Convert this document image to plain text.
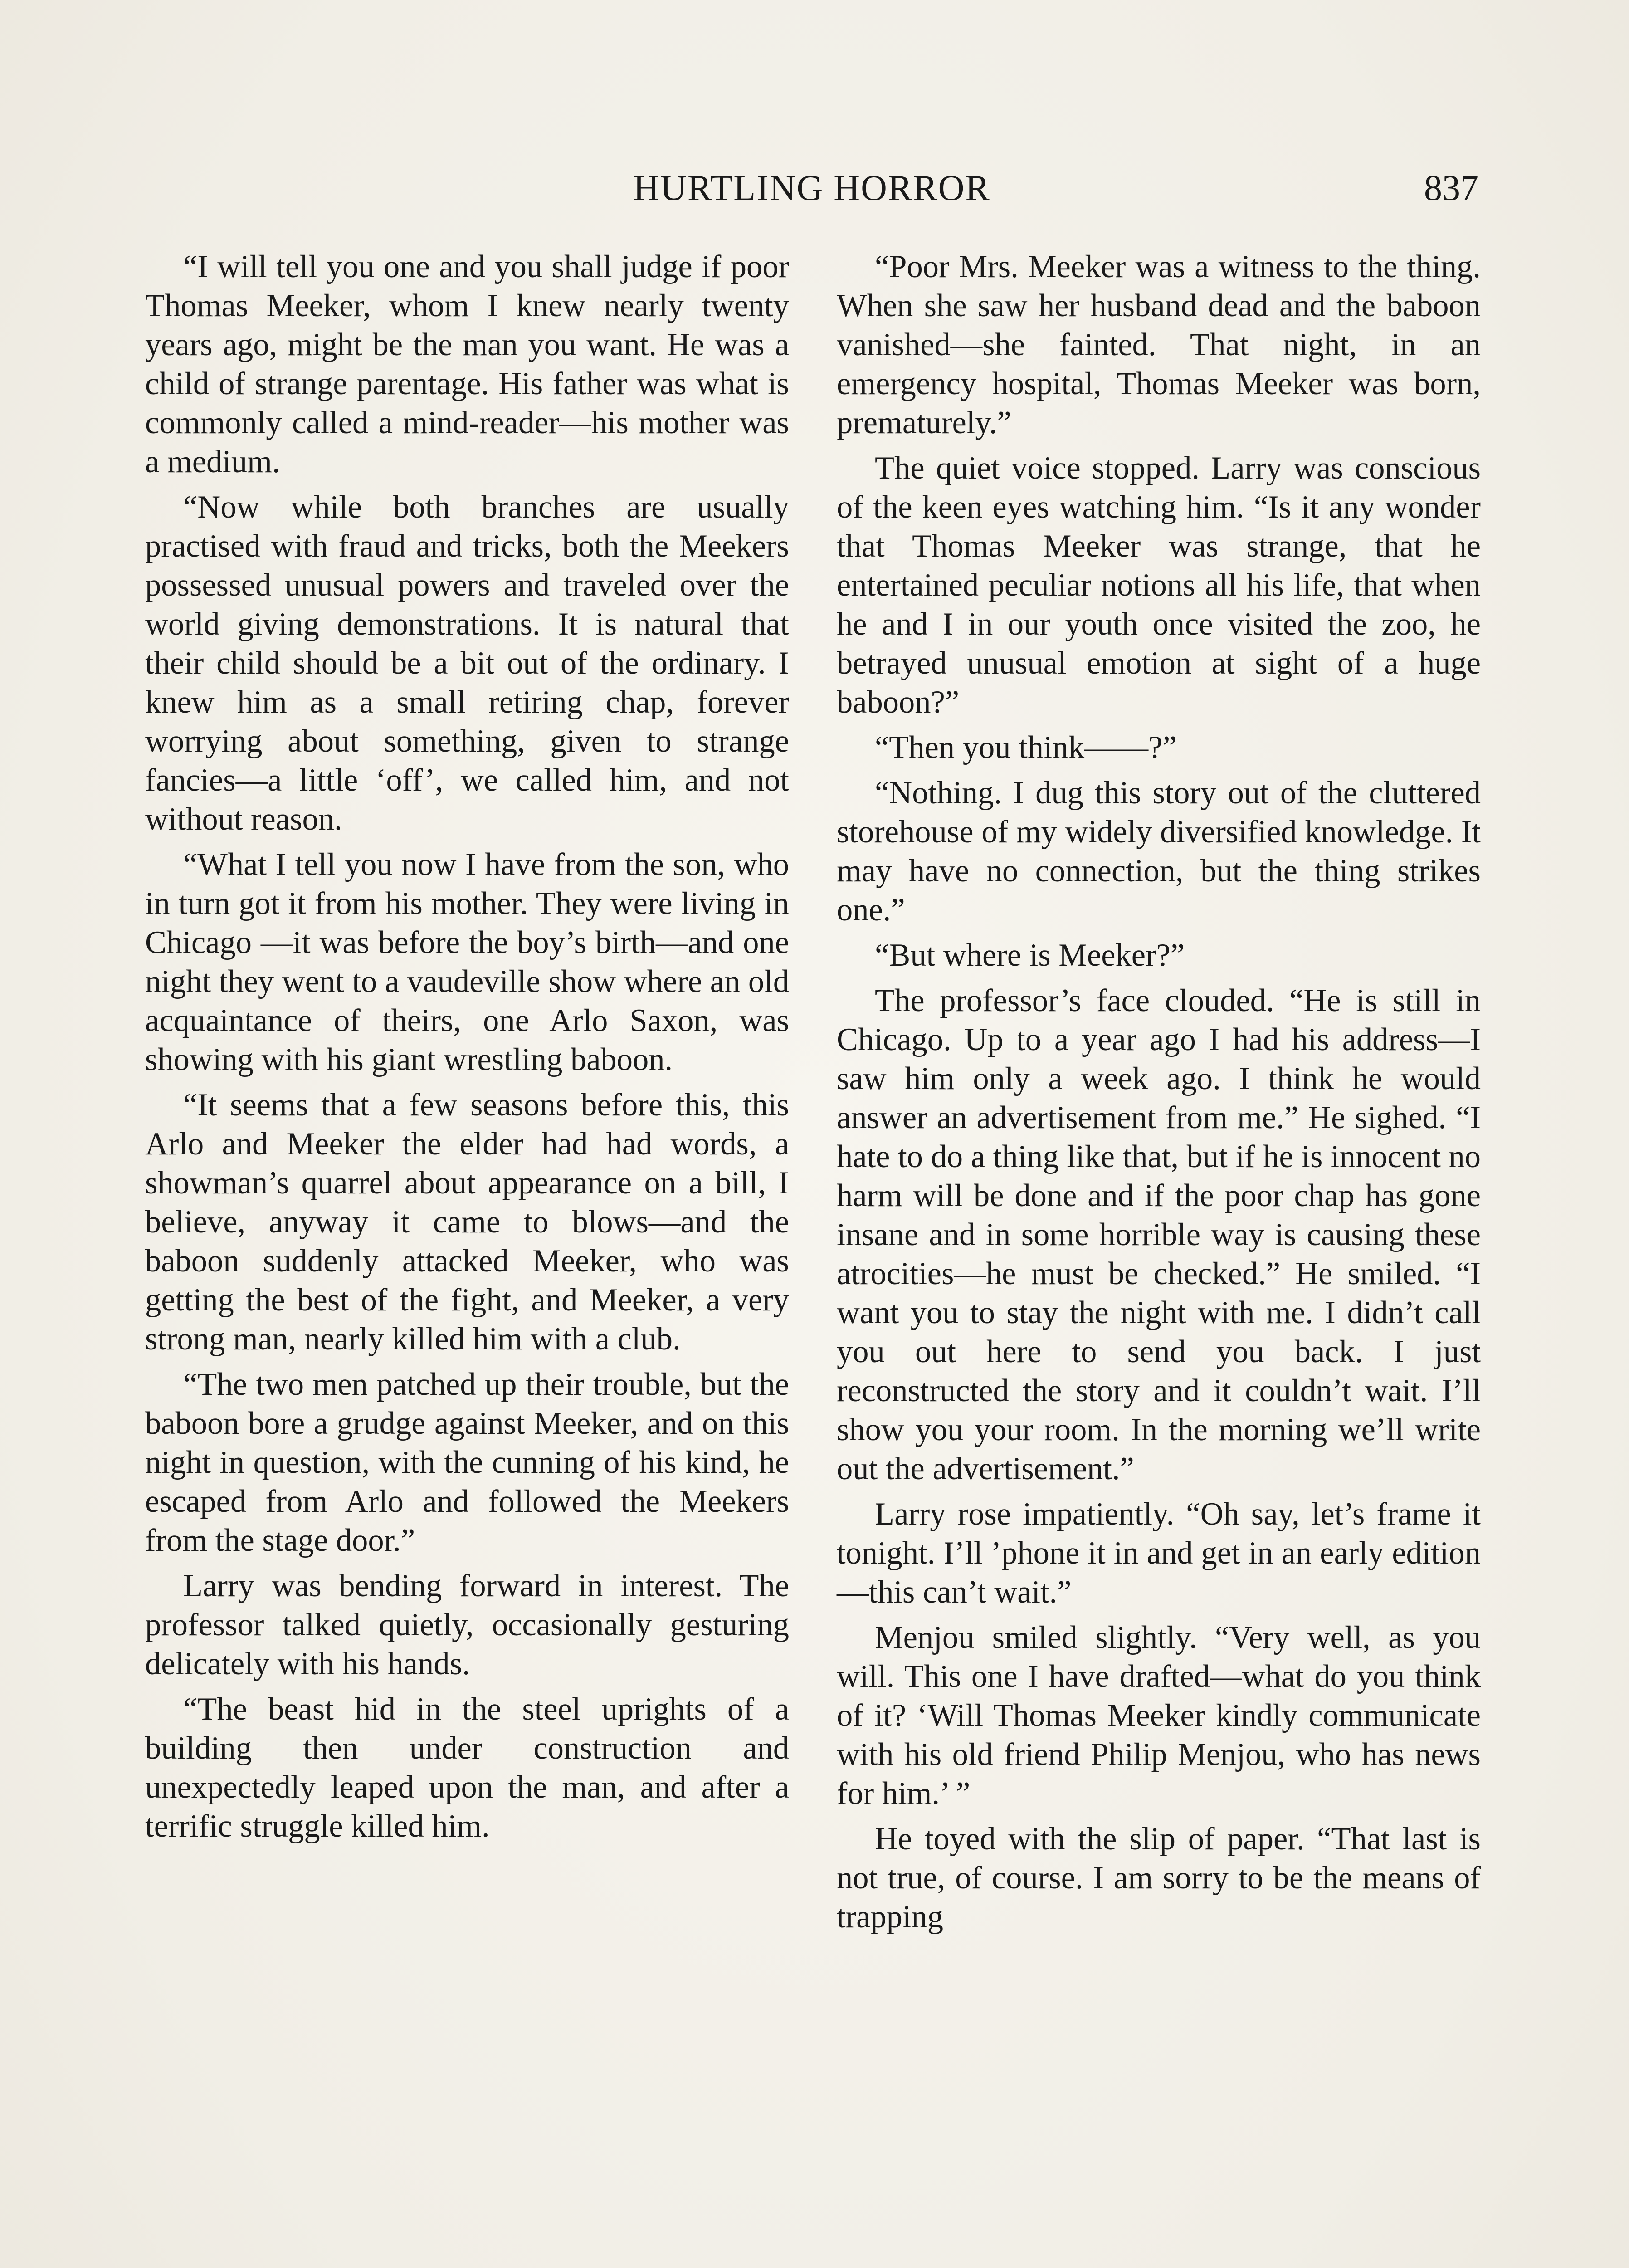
HURTLING HORROR	837

“I will tell you one and you shall judge if poor Thomas Meeker, whom I knew nearly twenty years ago, might be the man you want. He was a child of strange parentage. His father was what is commonly called a mind-reader—his mother was a medium.

“Now while both branches are usually practised with fraud and tricks, both the Meekers possessed unusual powers and traveled over the world giving demonstrations. It is natural that their child should be a bit out of the ordinary. I knew him as a small retiring chap, forever worrying about something, given to strange fancies—a little ‘off’, we called him, and not without reason.

“What I tell you now I have from the son, who in turn got it from his mother. They were living in Chicago —it was before the boy’s birth—and one night they went to a vaudeville show where an old acquaintance of theirs, one Arlo Saxon, was showing with his giant wrestling baboon.

“It seems that a few seasons before this, this Arlo and Meeker the elder had had words, a showman’s quarrel about appearance on a bill, I believe, anyway it came to blows—and the baboon suddenly attacked Meeker, who was getting the best of the fight, and Meeker, a very strong man, nearly killed him with a club.

“The two men patched up their trouble, but the baboon bore a grudge against Meeker, and on this night in question, with the cunning of his kind, he escaped from Arlo and followed the Meekers from the stage door.”

Larry was bending forward in interest. The professor talked quietly, occasionally gesturing delicately with his hands.

“The beast hid in the steel uprights of a building then under construction and unexpectedly leaped upon the man, and after a terrific struggle killed him.

“Poor Mrs. Meeker was a witness to the thing. When she saw her husband dead and the baboon vanished—she fainted. That night, in an emergency hospital, Thomas Meeker was born, prematurely.”

The quiet voice stopped. Larry was conscious of the keen eyes watching him. “Is it any wonder that Thomas Meeker was strange, that he entertained peculiar notions all his life, that when he and I in our youth once visited the zoo, he betrayed unusual emotion at sight of a huge baboon?”

“Then you think——?”

“Nothing. I dug this story out of the cluttered storehouse of my widely diversified knowledge. It may have no connection, but the thing strikes one.”

“But where is Meeker?”

The professor’s face clouded. “He is still in Chicago. Up to a year ago I had his address—I saw him only a week ago. I think he would answer an advertisement from me.” He sighed. “I hate to do a thing like that, but if he is innocent no harm will be done and if the poor chap has gone insane and in some horrible way is causing these atrocities—he must be checked.” He smiled. “I want you to stay the night with me. I didn’t call you out here to send you back. I just reconstructed the story and it couldn’t wait. I’ll show you your room. In the morning we’ll write out the advertisement.”

Larry rose impatiently. “Oh say, let’s frame it tonight. I’ll ’phone it in and get in an early edition—this can’t wait.”

Menjou smiled slightly. “Very well, as you will. This one I have drafted—what do you think of it? ‘Will Thomas Meeker kindly communicate with his old friend Philip Menjou, who has news for him.’ ”

He toyed with the slip of paper. “That last is not true, of course. I am sorry to be the means of trapping
